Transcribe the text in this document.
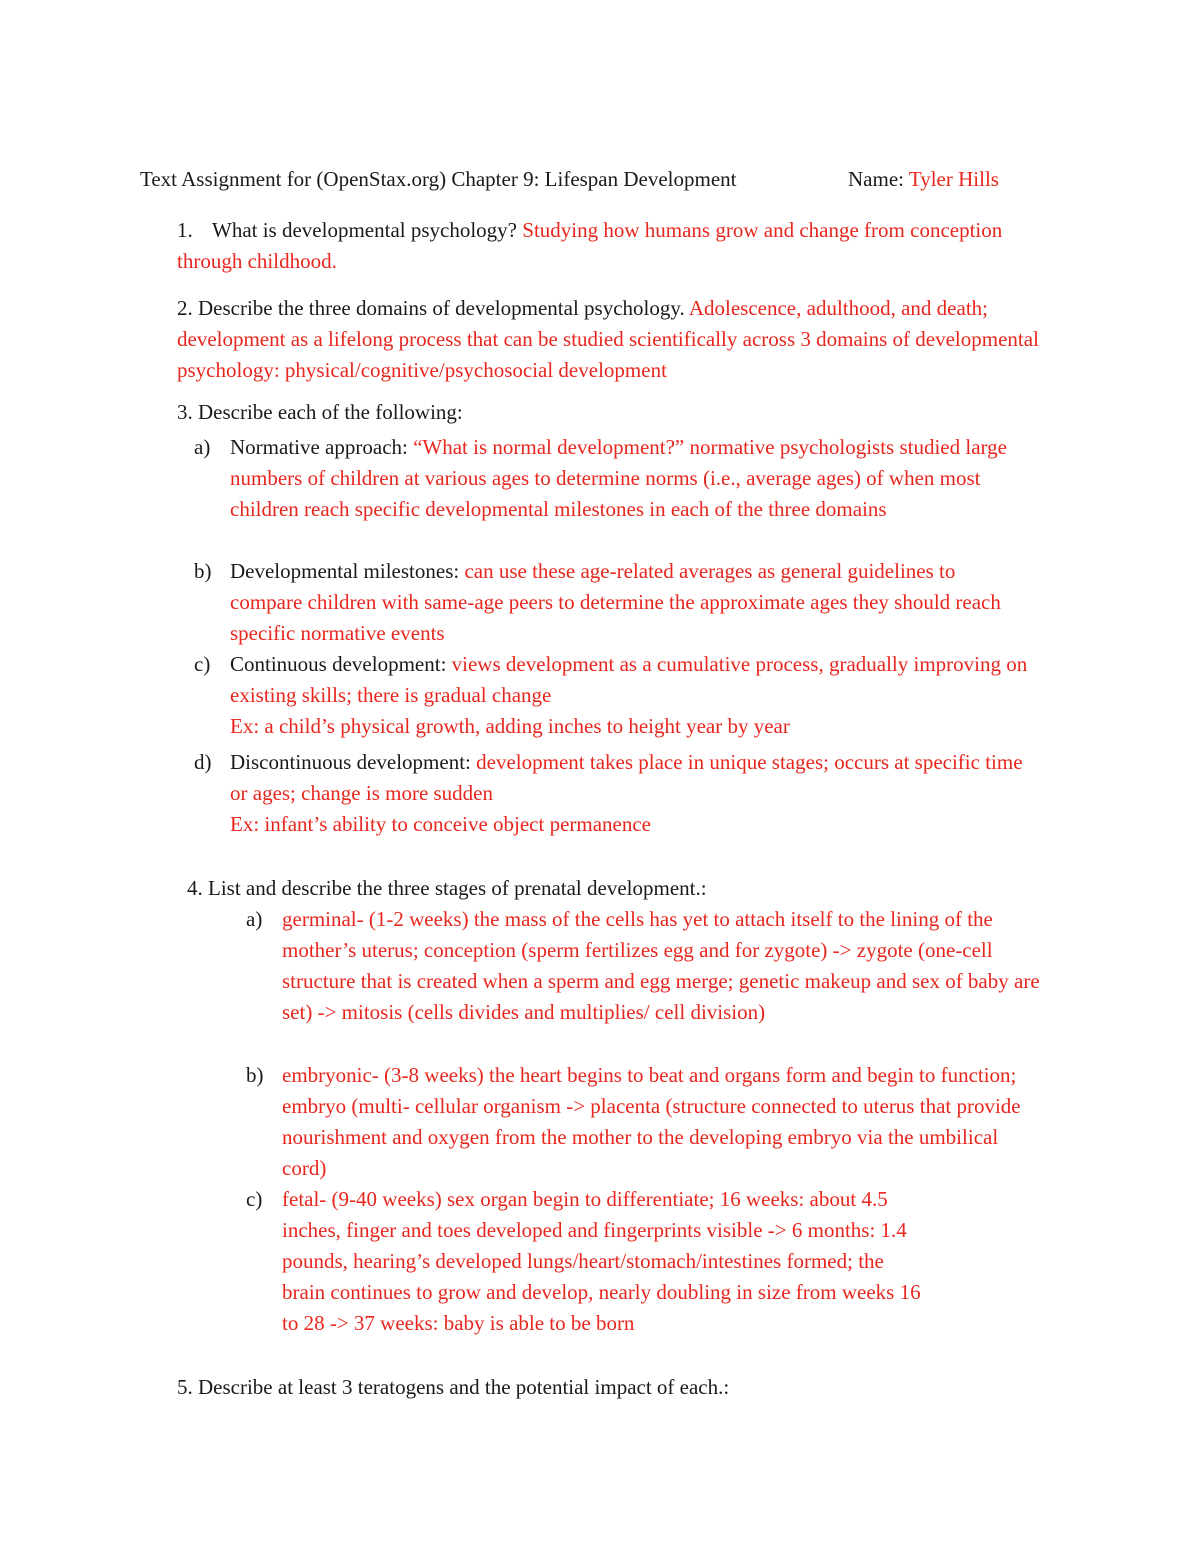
Text Assignment for (OpenStax.org) Chapter 9: Lifespan Development	Name: Tyler Hills

1. What is developmental psychology? Studying how humans grow and change from conception through childhood.

2. Describe the three domains of developmental psychology. Adolescence, adulthood, and death; development as a lifelong process that can be studied scientifically across 3 domains of developmental psychology: physical/cognitive/psychosocial development

3. Describe each of the following:

a) Normative approach: “What is normal development?” normative psychologists studied large numbers of children at various ages to determine norms (i.e., average ages) of when most children reach specific developmental milestones in each of the three domains
b) Developmental milestones: can use these age-related averages as general guidelines to compare children with same-age peers to determine the approximate ages they should reach specific normative events
c) Continuous development: views development as a cumulative process, gradually improving on existing skills; there is gradual change
Ex: a child’s physical growth, adding inches to height year by year
d) Discontinuous development: development takes place in unique stages; occurs at specific time or ages; change is more sudden
Ex: infant’s ability to conceive object permanence

4. List and describe the three stages of prenatal development.:

a) germinal- (1-2 weeks) the mass of the cells has yet to attach itself to the lining of the mother’s uterus; conception (sperm fertilizes egg and for zygote) -> zygote (one-cell structure that is created when a sperm and egg merge; genetic makeup and sex of baby are set) -> mitosis (cells divides and multiplies/ cell division)
b) embryonic- (3-8 weeks) the heart begins to beat and organs form and begin to function; embryo (multi- cellular organism -> placenta (structure connected to uterus that provide nourishment and oxygen from the mother to the developing embryo via the umbilical cord)
c) fetal- (9-40 weeks) sex organ begin to differentiate; 16 weeks: about 4.5
inches, finger and toes developed and fingerprints visible -> 6 months: 1.4
pounds, hearing’s developed lungs/heart/stomach/intestines formed; the
brain continues to grow and develop, nearly doubling in size from weeks 16
to 28 -> 37 weeks: baby is able to be born

5. Describe at least 3 teratogens and the potential impact of each.:
